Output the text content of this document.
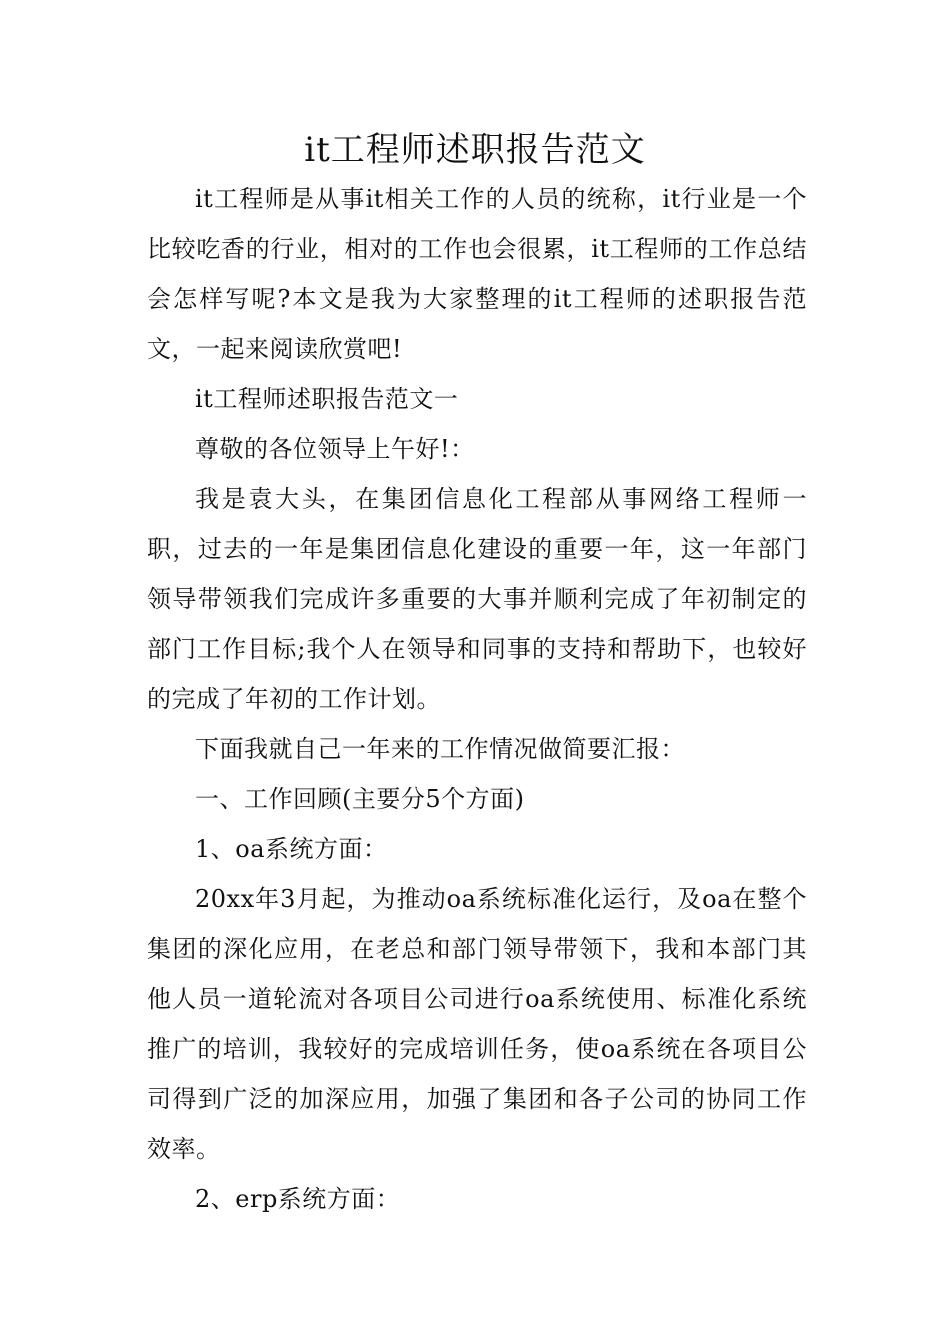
it工程师述职报告范文

it工程师是从事it相关工作的人员的统称，it行业是一个比较吃香的行业，相对的工作也会很累，it工程师的工作总结会怎样写呢?本文是我为大家整理的it工程师的述职报告范文，一起来阅读欣赏吧!

it工程师述职报告范文一

尊敬的各位领导上午好!：

我是袁大头，在集团信息化工程部从事网络工程师一职，过去的一年是集团信息化建设的重要一年，这一年部门领导带领我们完成许多重要的大事并顺利完成了年初制定的部门工作目标;我个人在领导和同事的支持和帮助下，也较好的完成了年初的工作计划。

下面我就自己一年来的工作情况做简要汇报：

一、工作回顾(主要分5个方面)

1、oa系统方面：

20xx年3月起，为推动oa系统标准化运行，及oa在整个集团的深化应用，在老总和部门领导带领下，我和本部门其他人员一道轮流对各项目公司进行oa系统使用、标准化系统推广的培训，我较好的完成培训任务，使oa系统在各项目公司得到广泛的加深应用，加强了集团和各子公司的协同工作效率。

2、erp系统方面：
